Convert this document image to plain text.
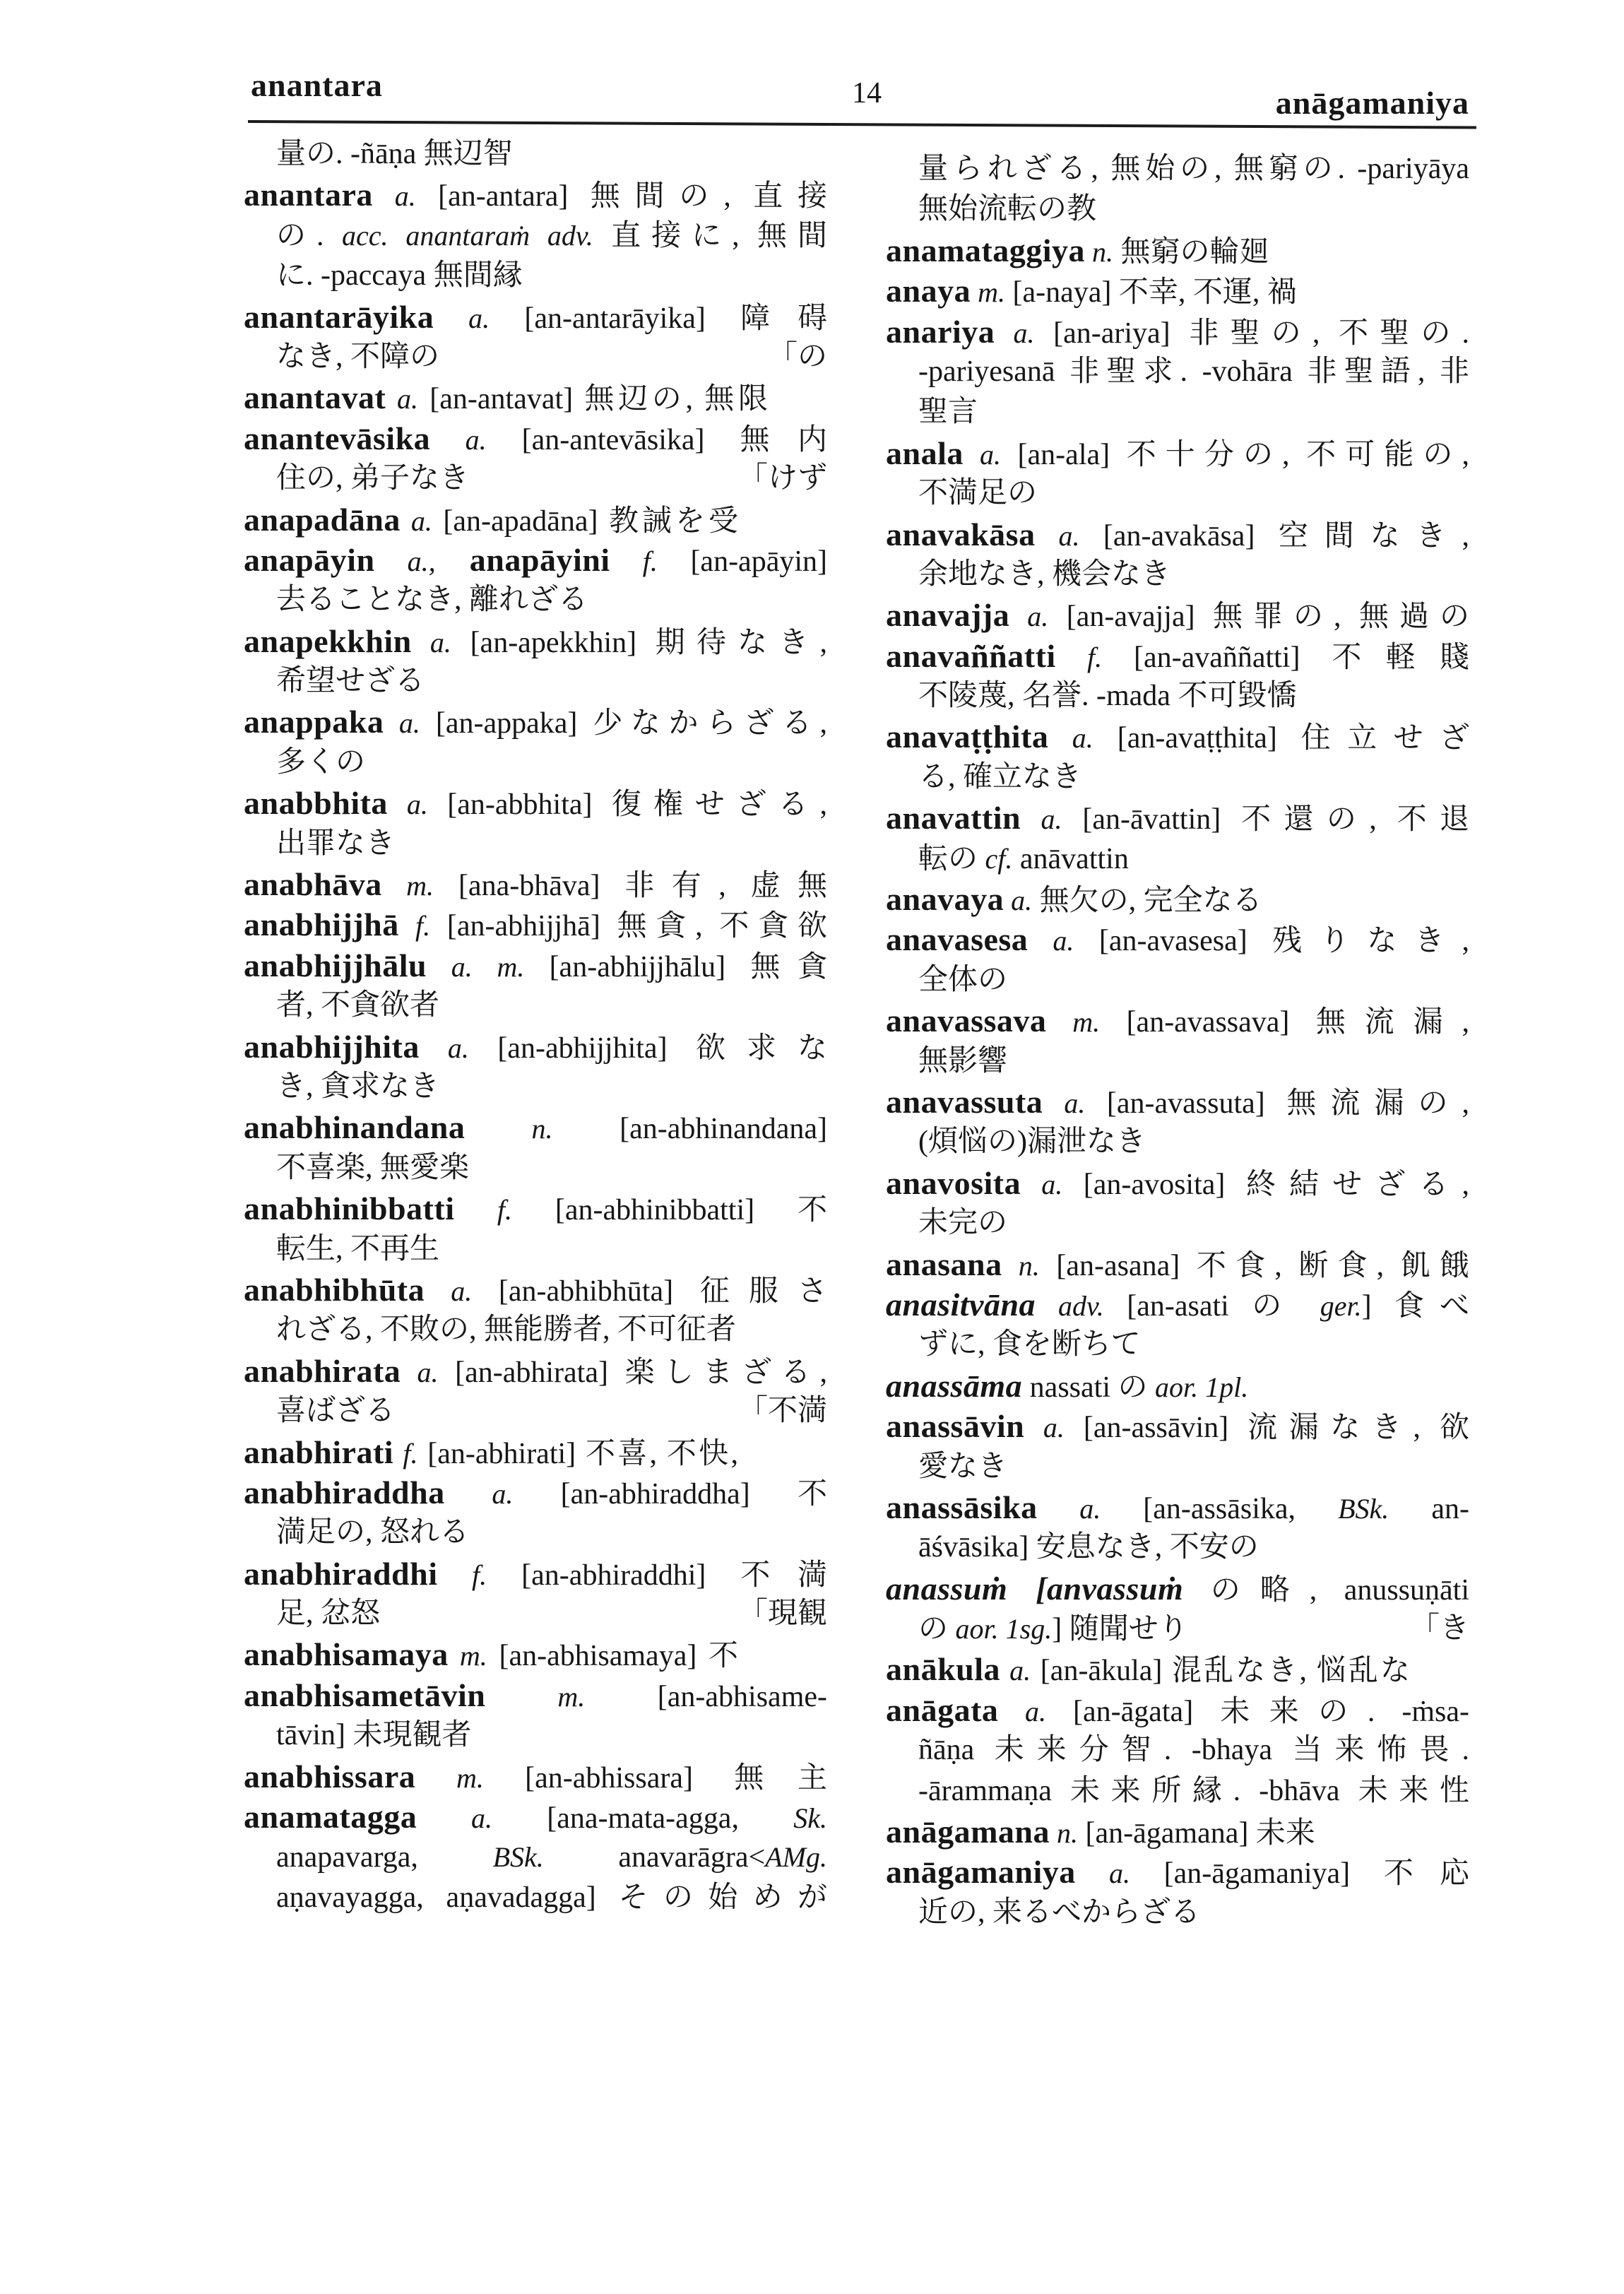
anantara	14	anāgamaniya
量の. -ñāṇa 無辺智
anantara a. [an-antara] 無間の, 直接
の. acc. anantaraṁ adv. 直接に, 無間
に. -paccaya 無間縁
anantarāyika a. [an-antarāyika] 障碍
「の
なき, 不障の
anantavat a. [an-antavat] 無辺の, 無限
anantevāsika a. [an-antevāsika] 無内
「けず
住の, 弟子なき
anapadāna a. [an-apadāna] 教誡を受
anapāyin a., anapāyini f. [an-apāyin]
去ることなき, 離れざる
anapekkhin a. [an-apekkhin] 期待なき,
希望せざる
anappaka a. [an-appaka] 少なからざる,
多くの
anabbhita a. [an-abbhita] 復権せざる,
出罪なき
anabhāva m. [ana-bhāva] 非有, 虚無
anabhijjhā f. [an-abhijjhā] 無貪, 不貪欲
anabhijjhālu a. m. [an-abhijjhālu] 無貪
者, 不貪欲者
anabhijjhita a. [an-abhijjhita] 欲求な
き, 貪求なき
anabhinandana n. [an-abhinandana]
不喜楽, 無愛楽
anabhinibbatti f. [an-abhinibbatti] 不
転生, 不再生
anabhibhūta a. [an-abhibhūta] 征服さ
れざる, 不敗の, 無能勝者, 不可征者
anabhirata a. [an-abhirata] 楽しまざる,
「不満
喜ばざる
anabhirati f. [an-abhirati] 不喜, 不快,
anabhiraddha a. [an-abhiraddha] 不
満足の, 怒れる
anabhiraddhi f. [an-abhiraddhi] 不満
「現観
足, 忿怒
anabhisamaya m. [an-abhisamaya] 不
anabhisametāvin m. [an-abhisame-
tāvin] 未現観者
anabhissara m. [an-abhissara] 無主
anamatagga a. [ana-mata-agga, Sk.
anapavarga, BSk. anavarāgra<AMg.
aṇavayagga, aṇavadagga] その始めが
量られざる, 無始の, 無窮の. -pariyāya
無始流転の教
anamataggiya n. 無窮の輪廻
anaya m. [a-naya] 不幸, 不運, 禍
anariya a. [an-ariya] 非聖の, 不聖の.
-pariyesanā 非聖求. -vohāra 非聖語, 非
聖言
anala a. [an-ala] 不十分の, 不可能の,
不満足の
anavakāsa a. [an-avakāsa] 空間なき,
余地なき, 機会なき
anavajja a. [an-avajja] 無罪の, 無過の
anavaññatti f. [an-avaññatti] 不軽賤
不陵蔑, 名誉. -mada 不可毀憍
anavaṭṭhita a. [an-avaṭṭhita] 住立せざ
る, 確立なき
anavattin a. [an-āvattin] 不還の, 不退
転の cf. anāvattin
anavaya a. 無欠の, 完全なる
anavasesa a. [an-avasesa] 残りなき,
全体の
anavassava m. [an-avassava] 無流漏,
無影響
anavassuta a. [an-avassuta] 無流漏の,
(煩悩の)漏泄なき
anavosita a. [an-avosita] 終結せざる,
未完の
anasana n. [an-asana] 不食, 断食, 飢餓
anasitvāna adv. [an-asati の ger.] 食べ
ずに, 食を断ちて
anassāma nassati の aor. 1pl.
anassāvin a. [an-assāvin] 流漏なき, 欲
愛なき
anassāsika a. [an-assāsika, BSk. an-
āśvāsika] 安息なき, 不安の
anassuṁ [anvassuṁ の略, anussuṇāti
「き
の aor. 1sg.] 随聞せり
anākula a. [an-ākula] 混乱なき, 悩乱な
anāgata a. [an-āgata] 未来の. -ṁsa-
ñāṇa 未来分智. -bhaya 当来怖畏.
-ārammaṇa 未来所縁. -bhāva 未来性
anāgamana n. [an-āgamana] 未来
anāgamaniya a. [an-āgamaniya] 不応
近の, 来るべからざる
